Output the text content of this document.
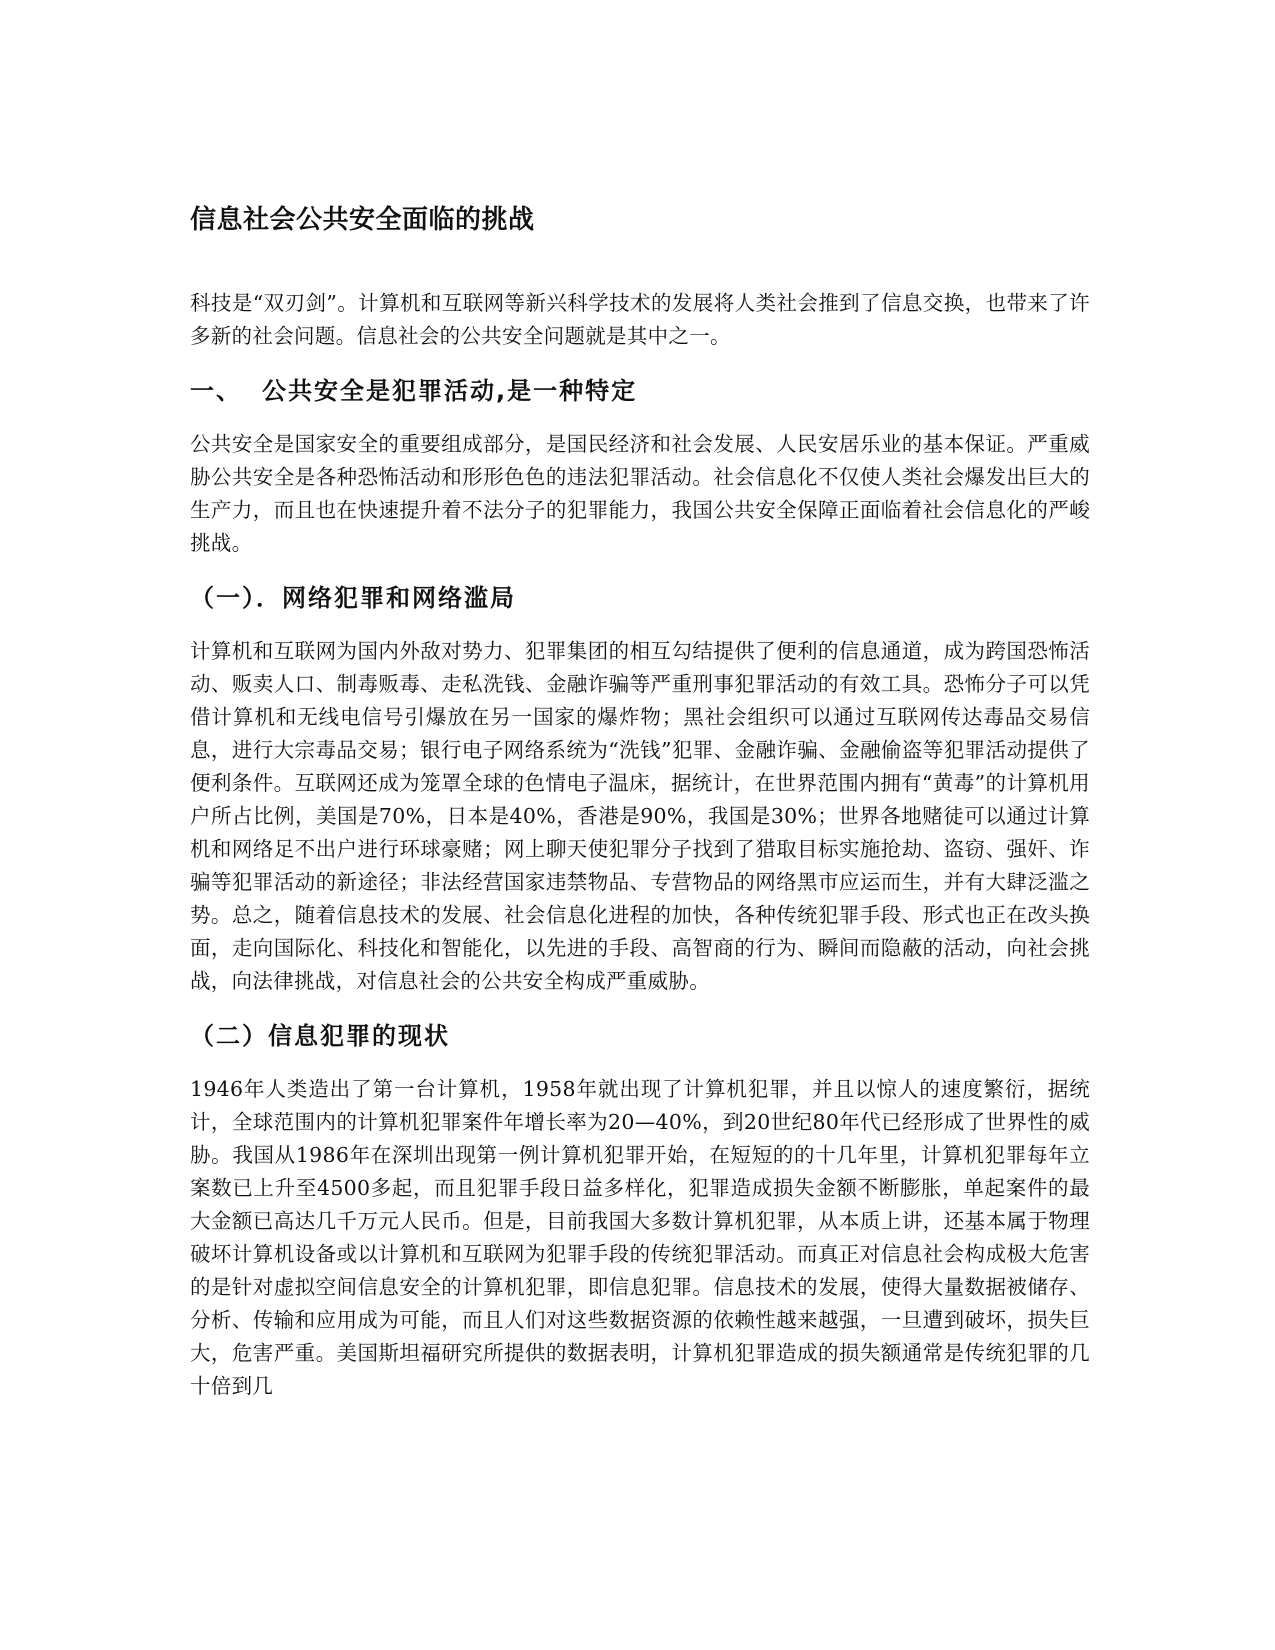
信息社会公共安全面临的挑战

科技是“双刃剑”。计算机和互联网等新兴科学技术的发展将人类社会推到了信息交换，也带来了许多新的社会问题。信息社会的公共安全问题就是其中之一。

一、 公共安全是犯罪活动,是一种特定

公共安全是国家安全的重要组成部分，是国民经济和社会发展、人民安居乐业的基本保证。严重威胁公共安全是各种恐怖活动和形形色色的违法犯罪活动。社会信息化不仅使人类社会爆发出巨大的生产力，而且也在快速提升着不法分子的犯罪能力，我国公共安全保障正面临着社会信息化的严峻挑战。

（一）．网络犯罪和网络滥局

计算机和互联网为国内外敌对势力、犯罪集团的相互勾结提供了便利的信息通道，成为跨国恐怖活动、贩卖人口、制毒贩毒、走私洗钱、金融诈骗等严重刑事犯罪活动的有效工具。恐怖分子可以凭借计算机和无线电信号引爆放在另一国家的爆炸物；黑社会组织可以通过互联网传达毒品交易信息，进行大宗毒品交易；银行电子网络系统为“洗钱”犯罪、金融诈骗、金融偷盗等犯罪活动提供了便利条件。互联网还成为笼罩全球的色情电子温床，据统计，在世界范围内拥有“黄毒”的计算机用户所占比例，美国是70%，日本是40%，香港是90%，我国是30%；世界各地赌徒可以通过计算机和网络足不出户进行环球豪赌；网上聊天使犯罪分子找到了猎取目标实施抢劫、盗窃、强奸、诈骗等犯罪活动的新途径；非法经营国家违禁物品、专营物品的网络黑市应运而生，并有大肆泛滥之势。总之，随着信息技术的发展、社会信息化进程的加快，各种传统犯罪手段、形式也正在改头换面，走向国际化、科技化和智能化，以先进的手段、高智商的行为、瞬间而隐蔽的活动，向社会挑战，向法律挑战，对信息社会的公共安全构成严重威胁。

（二）信息犯罪的现状

1946年人类造出了第一台计算机，1958年就出现了计算机犯罪，并且以惊人的速度繁衍，据统计，全球范围内的计算机犯罪案件年增长率为20—40%，到20世纪80年代已经形成了世界性的威胁。我国从1986年在深圳出现第一例计算机犯罪开始，在短短的的十几年里，计算机犯罪每年立案数已上升至4500多起，而且犯罪手段日益多样化，犯罪造成损失金额不断膨胀，单起案件的最大金额已高达几千万元人民币。但是，目前我国大多数计算机犯罪，从本质上讲，还基本属于物理破坏计算机设备或以计算机和互联网为犯罪手段的传统犯罪活动。而真正对信息社会构成极大危害的是针对虚拟空间信息安全的计算机犯罪，即信息犯罪。信息技术的发展，使得大量数据被储存、分析、传输和应用成为可能，而且人们对这些数据资源的依赖性越来越强，一旦遭到破坏，损失巨大，危害严重。美国斯坦福研究所提供的数据表明，计算机犯罪造成的损失额通常是传统犯罪的几十倍到几
